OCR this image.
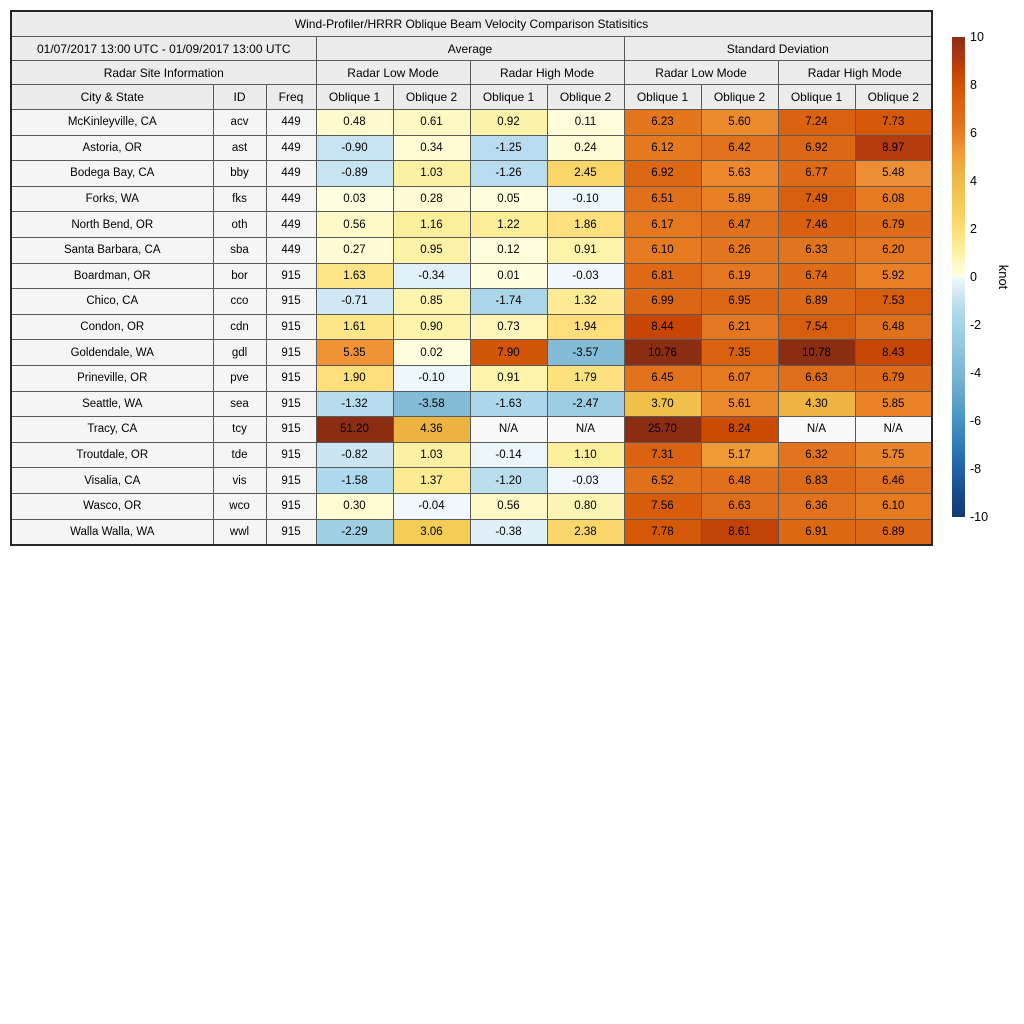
Wind-Profiler/HRRR Oblique Beam Velocity Comparison Statisitics										
01/07/2017 13:00 UTC - 01/09/2017 13:00 UTC			Average				Standard Deviation			
Radar Site Information			Radar Low Mode		Radar High Mode		Radar Low Mode		Radar High Mode	
City & State	ID	Freq	Oblique 1	Oblique 2	Oblique 1	Oblique 2	Oblique 1	Oblique 2	Oblique 1	Oblique 2
McKinleyville, CA	acv	449	0.48	0.61	0.92	0.11	6.23	5.60	7.24	7.73
Astoria, OR	ast	449	-0.90	0.34	-1.25	0.24	6.12	6.42	6.92	8.97
Bodega Bay, CA	bby	449	-0.89	1.03	-1.26	2.45	6.92	5.63	6.77	5.48
Forks, WA	fks	449	0.03	0.28	0.05	-0.10	6.51	5.89	7.49	6.08
North Bend, OR	oth	449	0.56	1.16	1.22	1.86	6.17	6.47	7.46	6.79
Santa Barbara, CA	sba	449	0.27	0.95	0.12	0.91	6.10	6.26	6.33	6.20
Boardman, OR	bor	915	1.63	-0.34	0.01	-0.03	6.81	6.19	6.74	5.92
Chico, CA	cco	915	-0.71	0.85	-1.74	1.32	6.99	6.95	6.89	7.53
Condon, OR	cdn	915	1.61	0.90	0.73	1.94	8.44	6.21	7.54	6.48
Goldendale, WA	gdl	915	5.35	0.02	7.90	-3.57	10.76	7.35	10.78	8.43
Prineville, OR	pve	915	1.90	-0.10	0.91	1.79	6.45	6.07	6.63	6.79
Seattle, WA	sea	915	-1.32	-3.58	-1.63	-2.47	3.70	5.61	4.30	5.85
Tracy, CA	tcy	915	51.20	4.36	N/A	N/A	25.70	8.24	N/A	N/A
Troutdale, OR	tde	915	-0.82	1.03	-0.14	1.10	7.31	5.17	6.32	5.75
Visalia, CA	vis	915	-1.58	1.37	-1.20	-0.03	6.52	6.48	6.83	6.46
Wasco, OR	wco	915	0.30	-0.04	0.56	0.80	7.56	6.63	6.36	6.10
Walla Walla, WA	wwl	915	-2.29	3.06	-0.38	2.38	7.78	8.61	6.91	6.89
10
8
6
4
2
0
-2
-4
-6
-8
-10
knot
